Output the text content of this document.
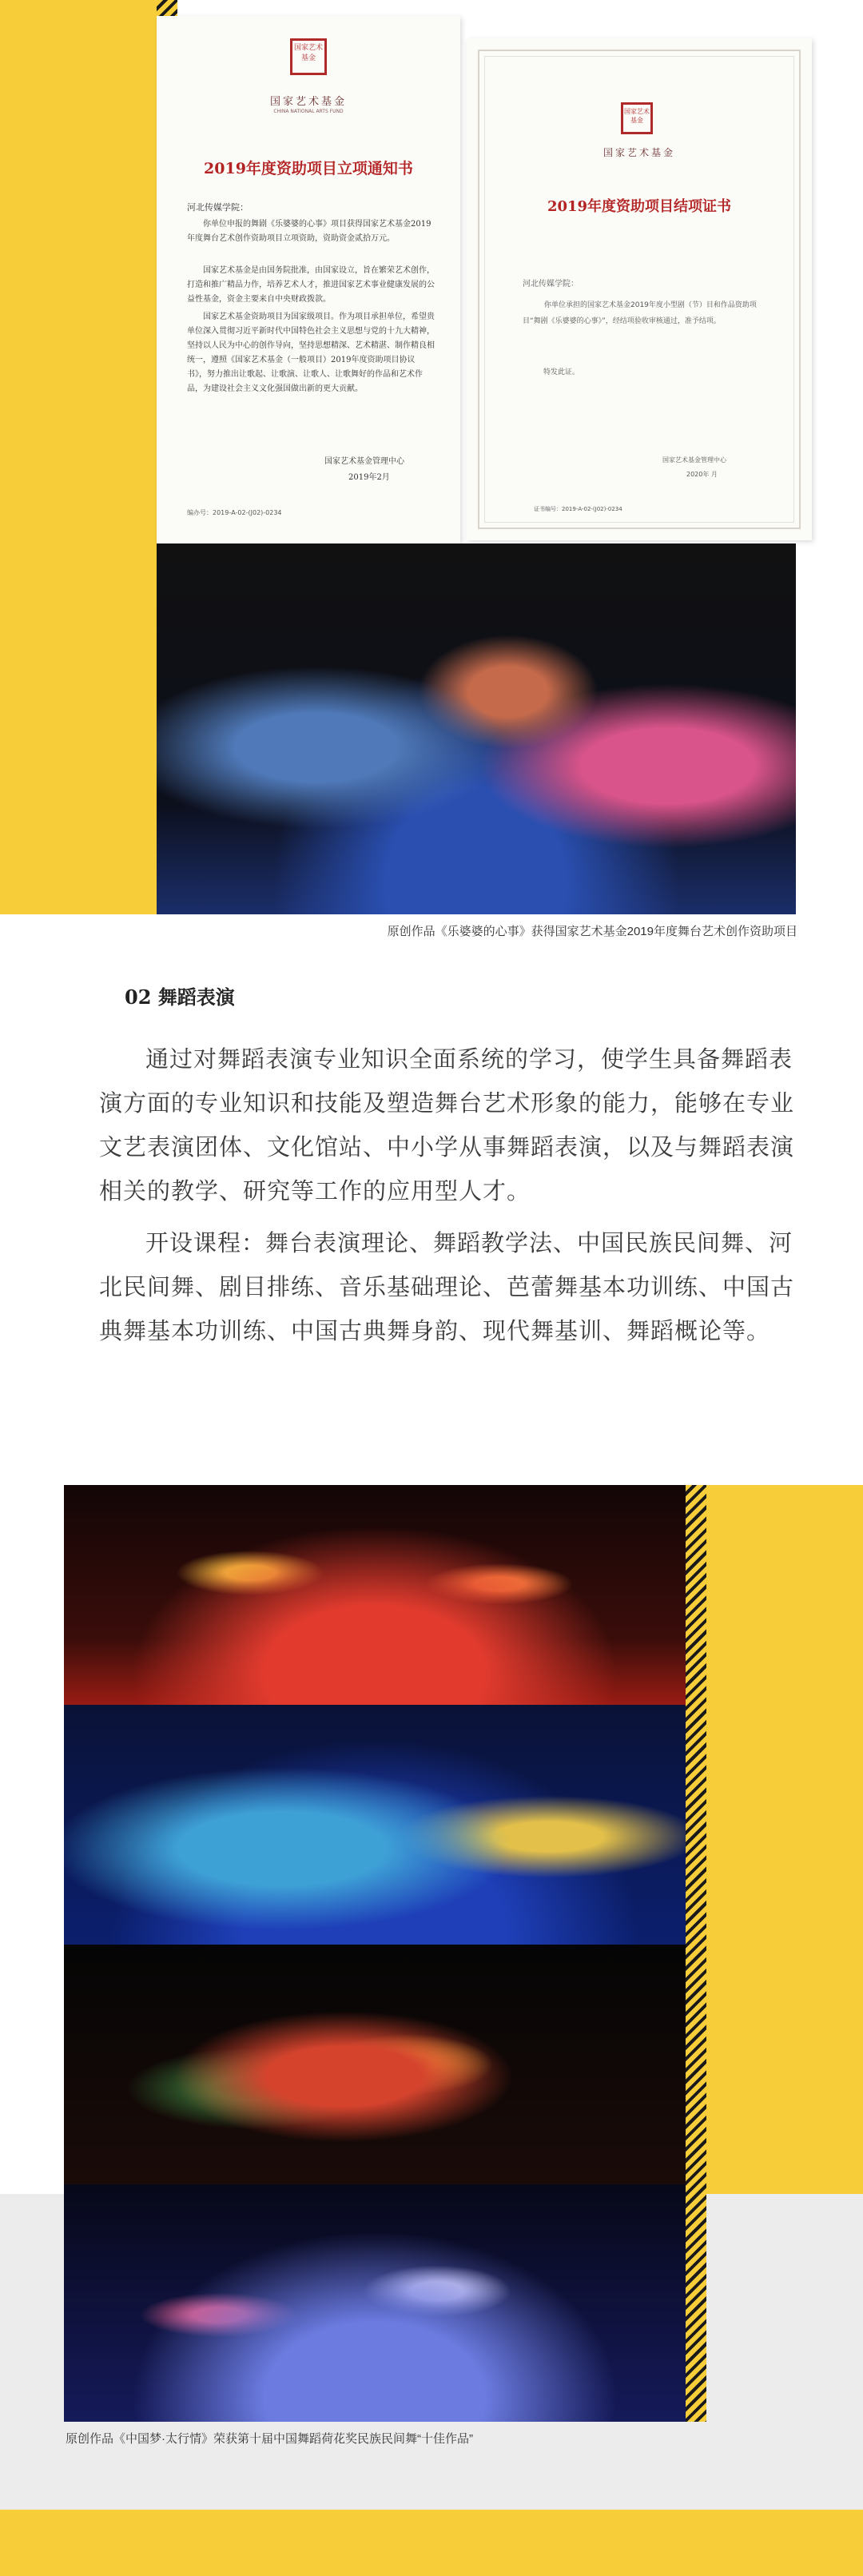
国家艺术基金
国家艺术基金
CHINA NATIONAL ARTS FUND
2019年度资助项目立项通知书
河北传媒学院：
你单位申报的舞剧《乐婆婆的心事》项目获得国家艺术基金2019年度舞台艺术创作资助项目立项资助，资助资金贰拾万元。
国家艺术基金是由国务院批准，由国家设立，旨在繁荣艺术创作，打造和推广精品力作，培养艺术人才，推进国家艺术事业健康发展的公益性基金，资金主要来自中央财政拨款。
国家艺术基金资助项目为国家级项目。作为项目承担单位，希望贵单位深入贯彻习近平新时代中国特色社会主义思想与党的十九大精神，坚持以人民为中心的创作导向，坚持思想精深、艺术精湛、制作精良相统一，遵照《国家艺术基金（一般项目）2019年度资助项目协议书》，努力推出让歌起、让歌演、让歌人、让歌舞好的作品和艺术作品，为建设社会主义文化强国做出新的更大贡献。
国家艺术基金管理中心
2019年2月
编办号：2019-A-02-(J02)-0234
国家艺术基金
国家艺术基金
2019年度资助项目结项证书
河北传媒学院：
你单位承担的国家艺术基金2019年度小型剧（节）目和作品资助项目“舞剧《乐婆婆的心事》”，经结项验收审核通过，准予结项。
特发此证。
国家艺术基金管理中心
2020年 月
证书编号：2019-A-02-(J02)-0234
原创作品《乐婆婆的心事》获得国家艺术基金2019年度舞台艺术创作资助项目
02 舞蹈表演
通过对舞蹈表演专业知识全面系统的学习，使学生具备舞蹈表演方面的专业知识和技能及塑造舞台艺术形象的能力，能够在专业文艺表演团体、文化馆站、中小学从事舞蹈表演，以及与舞蹈表演相关的教学、研究等工作的应用型人才。
开设课程：舞台表演理论、舞蹈教学法、中国民族民间舞、河北民间舞、剧目排练、音乐基础理论、芭蕾舞基本功训练、中国古典舞基本功训练、中国古典舞身韵、现代舞基训、舞蹈概论等。
原创作品《中国梦·太行情》荣获第十届中国舞蹈荷花奖民族民间舞“十佳作品”
